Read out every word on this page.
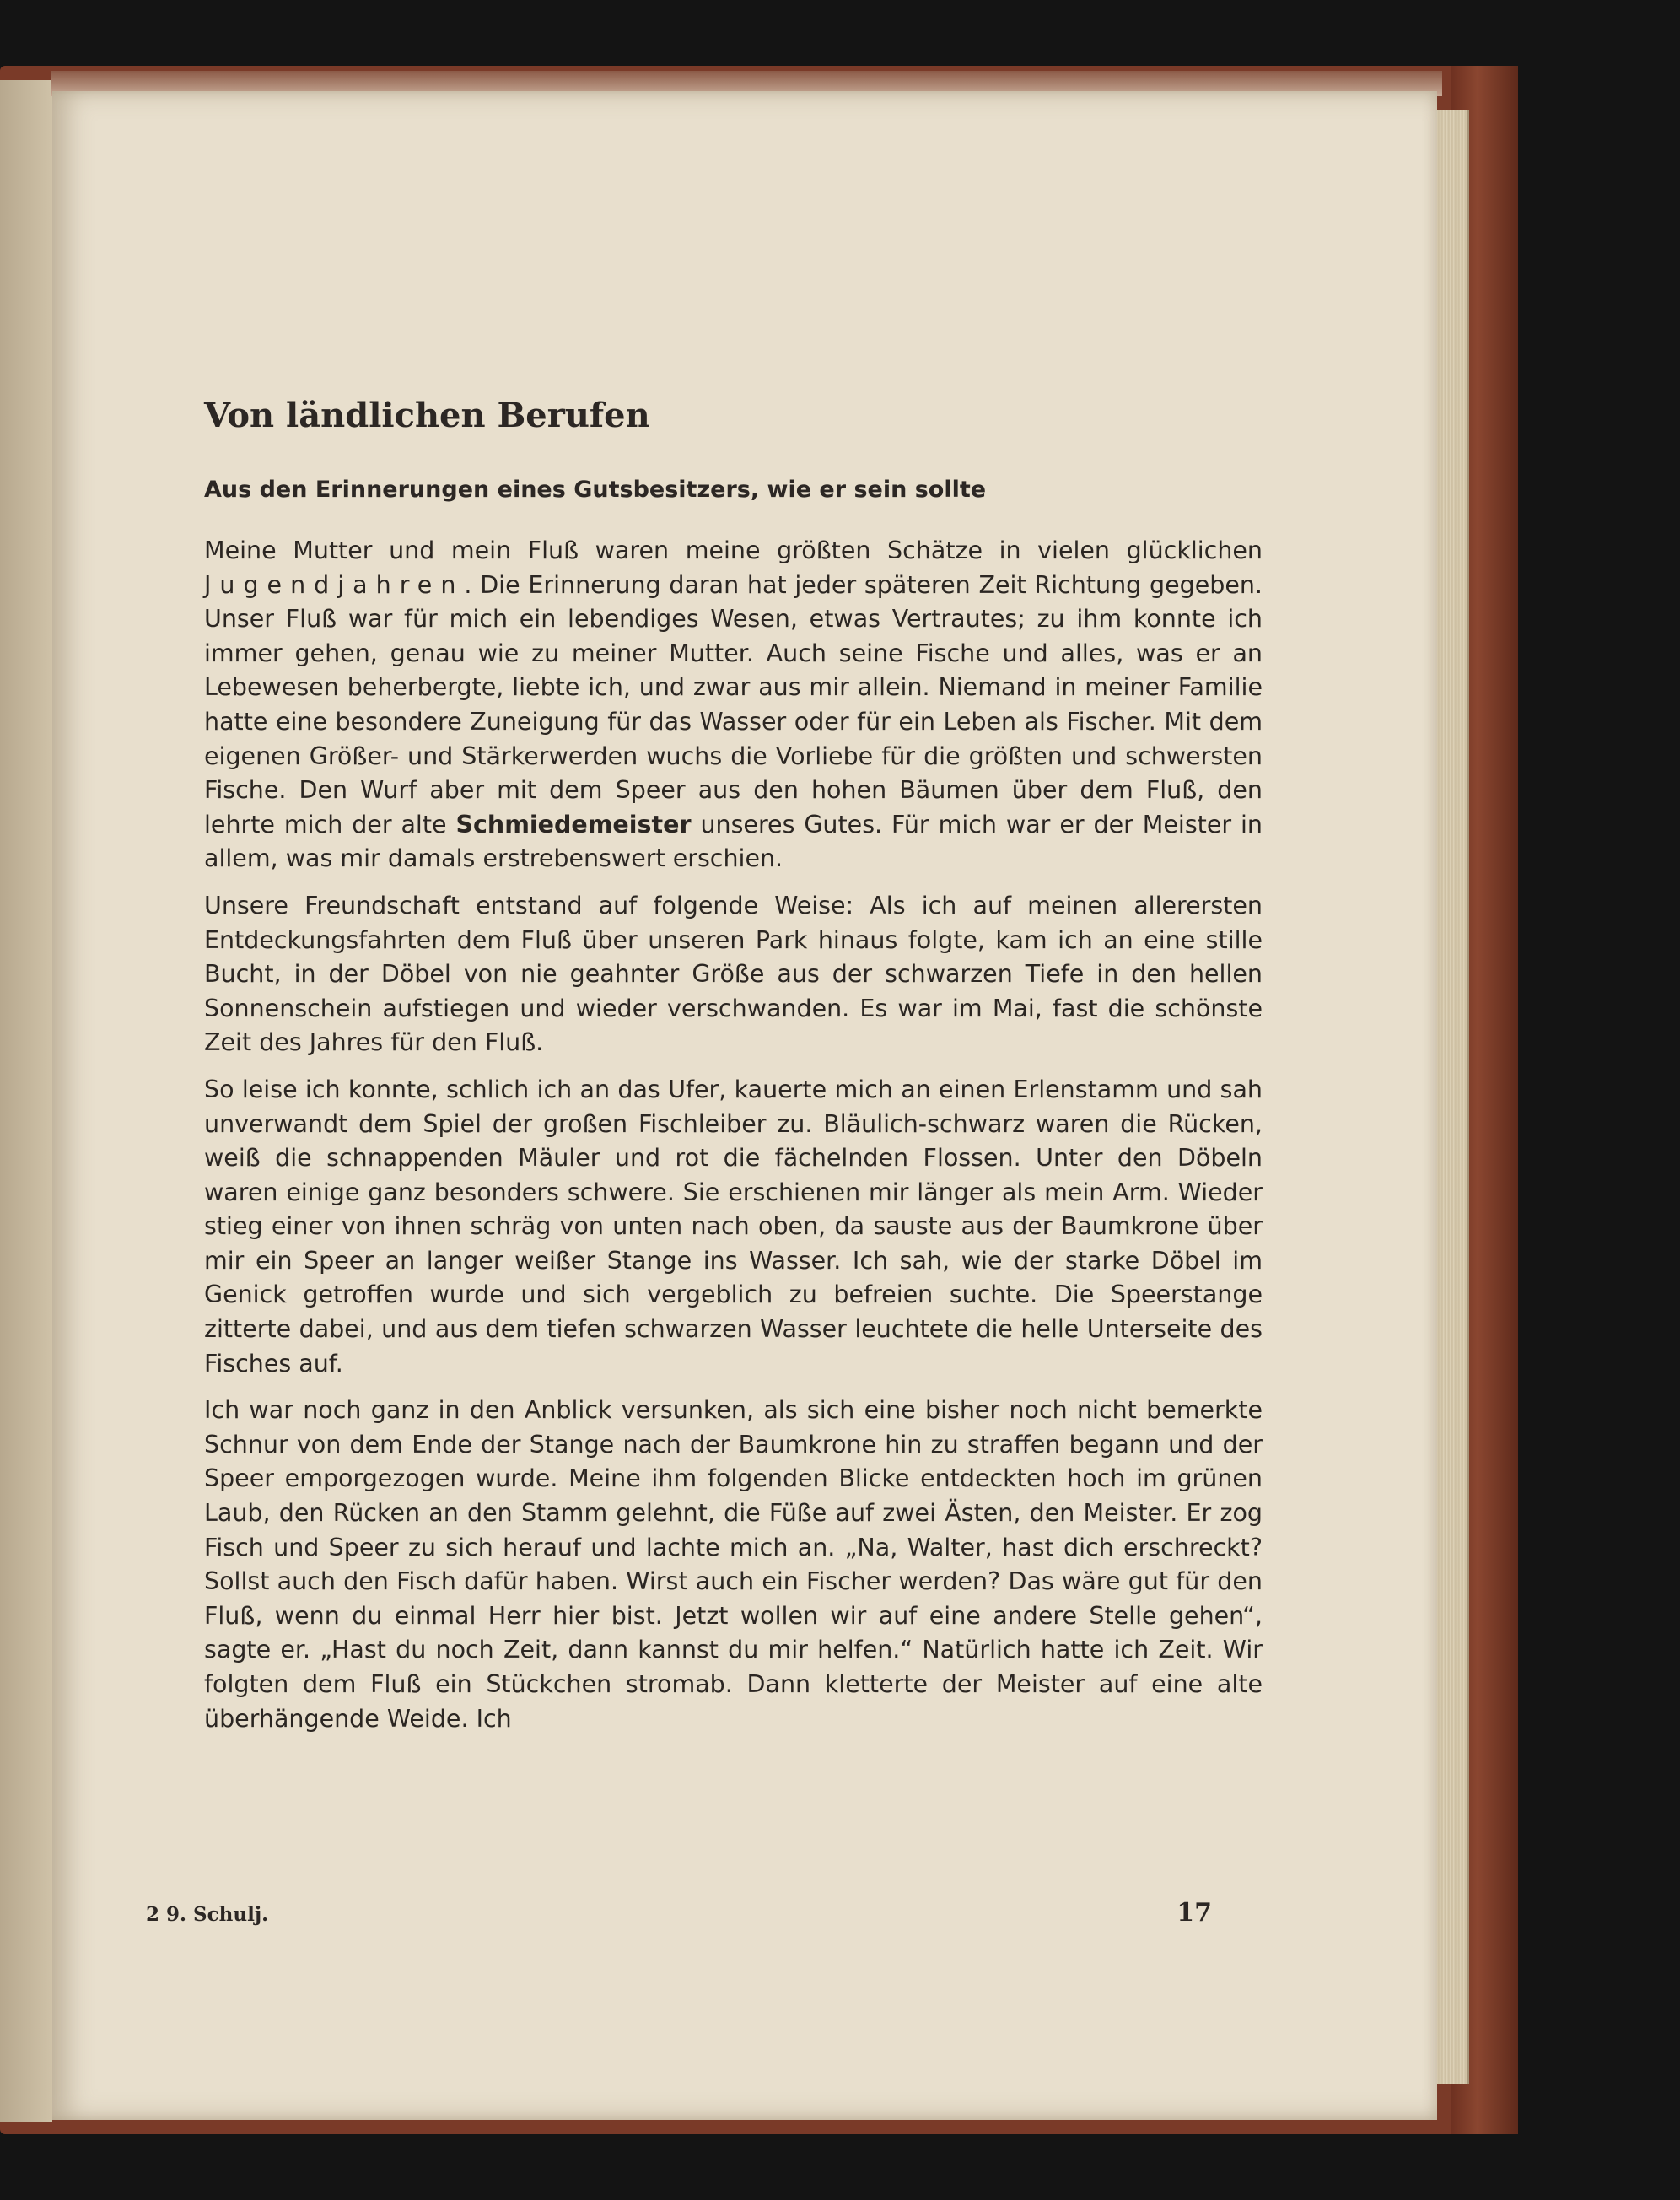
Von ländlichen Berufen
Aus den Erinnerungen eines Gutsbesitzers, wie er sein sollte

Meine Mutter und mein Fluß waren meine größten Schätze in vielen glücklichen Jugendjahren. Die Erinnerung daran hat jeder späteren Zeit Richtung gegeben. Unser Fluß war für mich ein lebendiges Wesen, etwas Vertrautes; zu ihm konnte ich immer gehen, genau wie zu meiner Mutter. Auch seine Fische und alles, was er an Lebewesen beherbergte, liebte ich, und zwar aus mir allein. Niemand in meiner Familie hatte eine besondere Zuneigung für das Wasser oder für ein Leben als Fischer. Mit dem eigenen Größer- und Stärkerwerden wuchs die Vorliebe für die größten und schwersten Fische. Den Wurf aber mit dem Speer aus den hohen Bäumen über dem Fluß, den lehrte mich der alte Schmiedemeister unseres Gutes. Für mich war er der Meister in allem, was mir damals erstrebenswert erschien.

Unsere Freundschaft entstand auf folgende Weise: Als ich auf meinen allerersten Entdeckungsfahrten dem Fluß über unseren Park hinaus folgte, kam ich an eine stille Bucht, in der Döbel von nie geahnter Größe aus der schwarzen Tiefe in den hellen Sonnenschein aufstiegen und wieder verschwanden. Es war im Mai, fast die schönste Zeit des Jahres für den Fluß.

So leise ich konnte, schlich ich an das Ufer, kauerte mich an einen Erlenstamm und sah unverwandt dem Spiel der großen Fischleiber zu. Bläulich-schwarz waren die Rücken, weiß die schnappenden Mäuler und rot die fächelnden Flossen. Unter den Döbeln waren einige ganz besonders schwere. Sie erschienen mir länger als mein Arm. Wieder stieg einer von ihnen schräg von unten nach oben, da sauste aus der Baumkrone über mir ein Speer an langer weißer Stange ins Wasser. Ich sah, wie der starke Döbel im Genick getroffen wurde und sich vergeblich zu befreien suchte. Die Speerstange zitterte dabei, und aus dem tiefen schwarzen Wasser leuchtete die helle Unterseite des Fisches auf.

Ich war noch ganz in den Anblick versunken, als sich eine bisher noch nicht bemerkte Schnur von dem Ende der Stange nach der Baumkrone hin zu straffen begann und der Speer emporgezogen wurde. Meine ihm folgenden Blicke entdeckten hoch im grünen Laub, den Rücken an den Stamm gelehnt, die Füße auf zwei Ästen, den Meister. Er zog Fisch und Speer zu sich herauf und lachte mich an. „Na, Walter, hast dich erschreckt? Sollst auch den Fisch dafür haben. Wirst auch ein Fischer werden? Das wäre gut für den Fluß, wenn du einmal Herr hier bist. Jetzt wollen wir auf eine andere Stelle gehen“, sagte er. „Hast du noch Zeit, dann kannst du mir helfen.“ Natürlich hatte ich Zeit. Wir folgten dem Fluß ein Stückchen stromab. Dann kletterte der Meister auf eine alte überhängende Weide. Ich

2 9. Schulj.	17
